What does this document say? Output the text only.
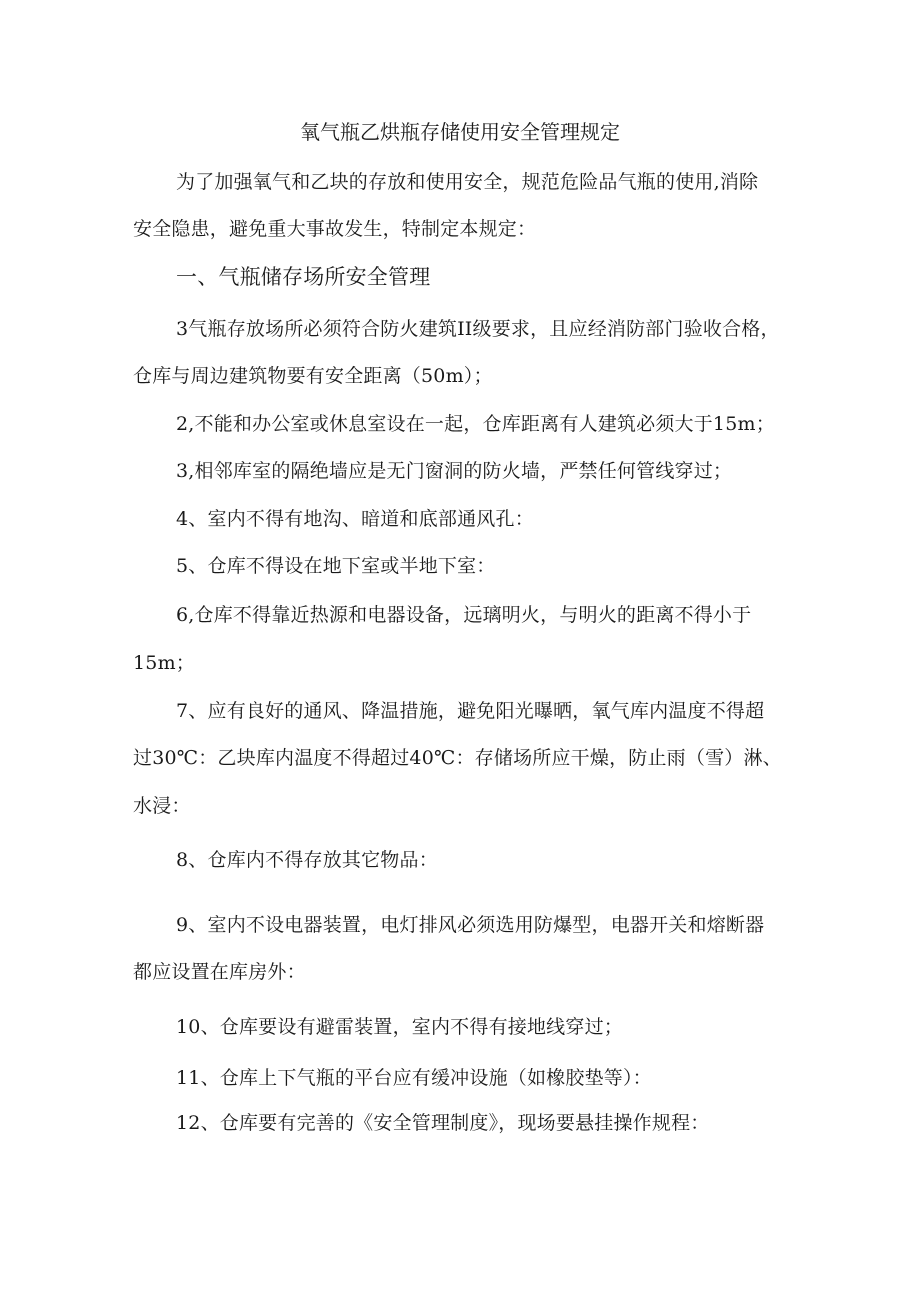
氧气瓶乙烘瓶存储使用安全管理规定
为了加强氧气和乙块的存放和使用安全，规范危险品气瓶的使用,消除
安全隐患，避免重大事故发生，特制定本规定：
一、气瓶储存场所安全管理
3气瓶存放场所必须符合防火建筑II级要求，且应经消防部门验收合格，
仓库与周边建筑物要有安全距离（50m）；
2,不能和办公室或休息室设在一起，仓库距离有人建筑必须大于15m；
3,相邻库室的隔绝墙应是无门窗洞的防火墙，严禁任何管线穿过；
4、室内不得有地沟、暗道和底部通风孔：
5、仓库不得设在地下室或半地下室：
6,仓库不得靠近热源和电器设备，远璃明火，与明火的距离不得小于
15m；
7、应有良好的通风、降温措施，避免阳光曝晒，氧气库内温度不得超
过30℃：乙块库内温度不得超过40℃：存储场所应干燥，防止雨（雪）淋、
水浸：
8、仓库内不得存放其它物品：
9、室内不设电器装置，电灯排风必须选用防爆型，电器开关和熔断器
都应设置在库房外：
10、仓库要设有避雷装置，室内不得有接地线穿过；
11、仓库上下气瓶的平台应有缓冲设施（如橡胶垫等）：
12、仓库要有完善的《安全管理制度》，现场要悬挂操作规程：
